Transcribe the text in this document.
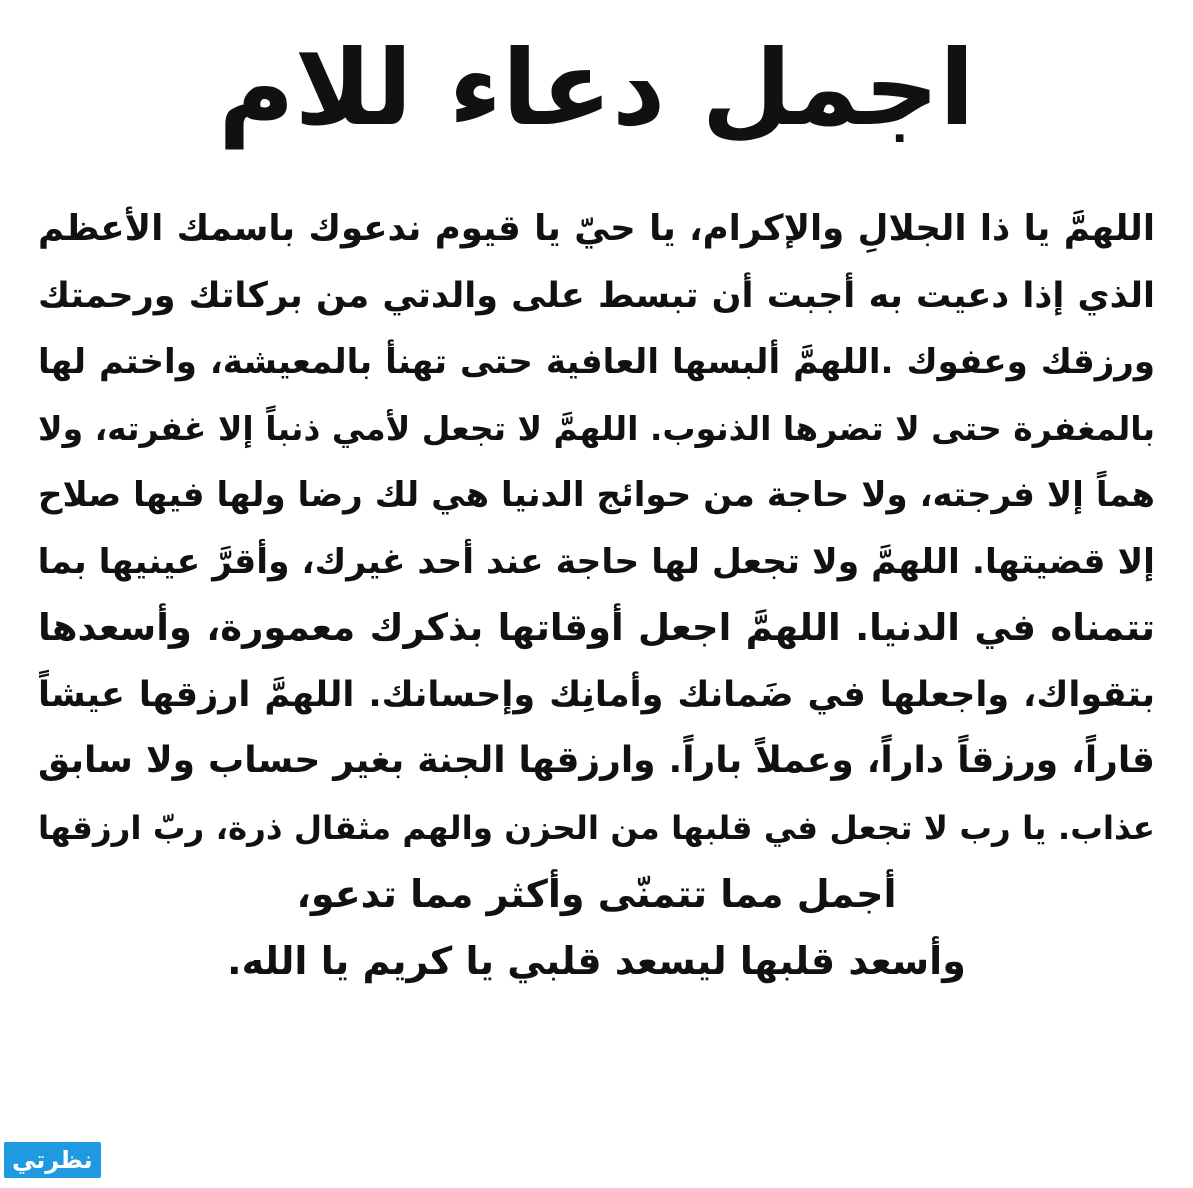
اجمل دعاء للام
اللهمَّ يا ذا الجلالِ والإكرام، يا حيّ يا قيوم ندعوك باسمك الأعظم
الذي إذا دعيت به أجبت أن تبسط على والدتي من بركاتك ورحمتك
ورزقك وعفوك .اللهمَّ ألبسها العافية حتى تهنأ بالمعيشة، واختم لها
بالمغفرة حتى لا تضرها الذنوب. اللهمَّ لا تجعل لأمي ذنباً إلا غفرته، ولا
هماً إلا فرجته، ولا حاجة من حوائج الدنيا هي لك رضا ولها فيها صلاح
إلا قضيتها. اللهمَّ ولا تجعل لها حاجة عند أحد غيرك، وأقرَّ عينيها بما
تتمناه في الدنيا. اللهمَّ اجعل أوقاتها بذكرك معمورة، وأسعدها
بتقواك، واجعلها في ضَمانك وأمانِك وإحسانك. اللهمَّ ارزقها عيشاً
قاراً، ورزقاً داراً، وعملاً باراً. وارزقها الجنة بغير حساب ولا سابق
عذاب. يا رب لا تجعل في قلبها من الحزن والهم مثقال ذرة، ربّ ارزقها
أجمل مما تتمنّى وأكثر مما تدعو،
وأسعد قلبها ليسعد قلبي يا كريم يا الله.
نظرتي
